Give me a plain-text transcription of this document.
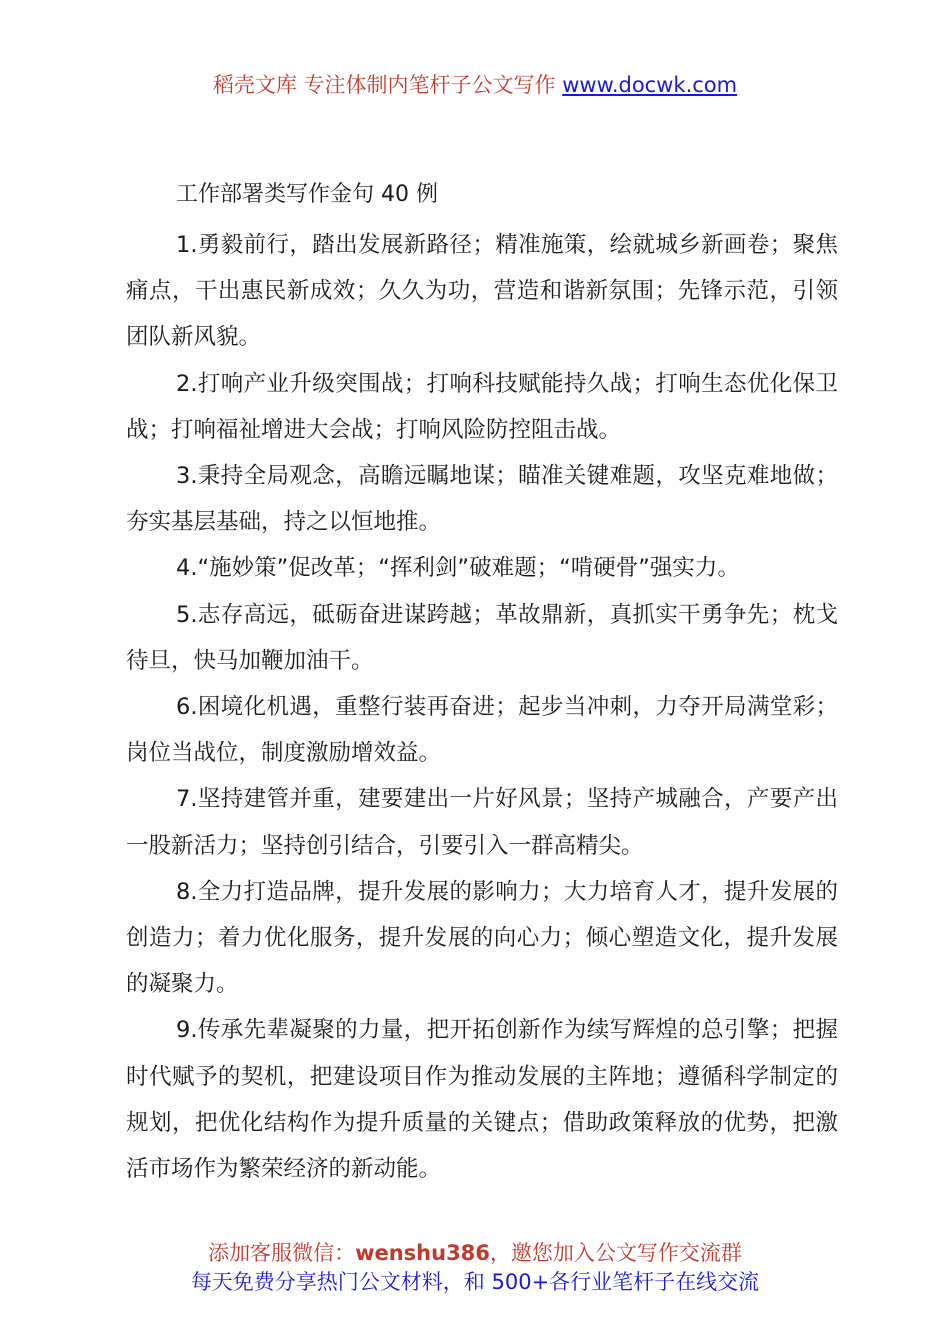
稻壳文库 专注体制内笔杆子公文写作 www.docwk.com
工作部署类写作金句 40 例

1.勇毅前行，踏出发展新路径；精准施策，绘就城乡新画卷；聚焦痛点，干出惠民新成效；久久为功，营造和谐新氛围；先锋示范，引领团队新风貌。

2.打响产业升级突围战；打响科技赋能持久战；打响生态优化保卫战；打响福祉增进大会战；打响风险防控阻击战。

3.秉持全局观念，高瞻远瞩地谋；瞄准关键难题，攻坚克难地做；夯实基层基础，持之以恒地推。

4.“施妙策”促改革；“挥利剑”破难题；“啃硬骨”强实力。

5.志存高远，砥砺奋进谋跨越；革故鼎新，真抓实干勇争先；枕戈待旦，快马加鞭加油干。

6.困境化机遇，重整行装再奋进；起步当冲刺，力夺开局满堂彩；岗位当战位，制度激励增效益。

7.坚持建管并重，建要建出一片好风景；坚持产城融合，产要产出一股新活力；坚持创引结合，引要引入一群高精尖。

8.全力打造品牌，提升发展的影响力；大力培育人才，提升发展的创造力；着力优化服务，提升发展的向心力；倾心塑造文化，提升发展的凝聚力。

9.传承先辈凝聚的力量，把开拓创新作为续写辉煌的总引擎；把握时代赋予的契机，把建设项目作为推动发展的主阵地；遵循科学制定的规划，把优化结构作为提升质量的关键点；借助政策释放的优势，把激活市场作为繁荣经济的新动能。

添加客服微信：wenshu386，邀您加入公文写作交流群
每天免费分享热门公文材料，和 500+各行业笔杆子在线交流
